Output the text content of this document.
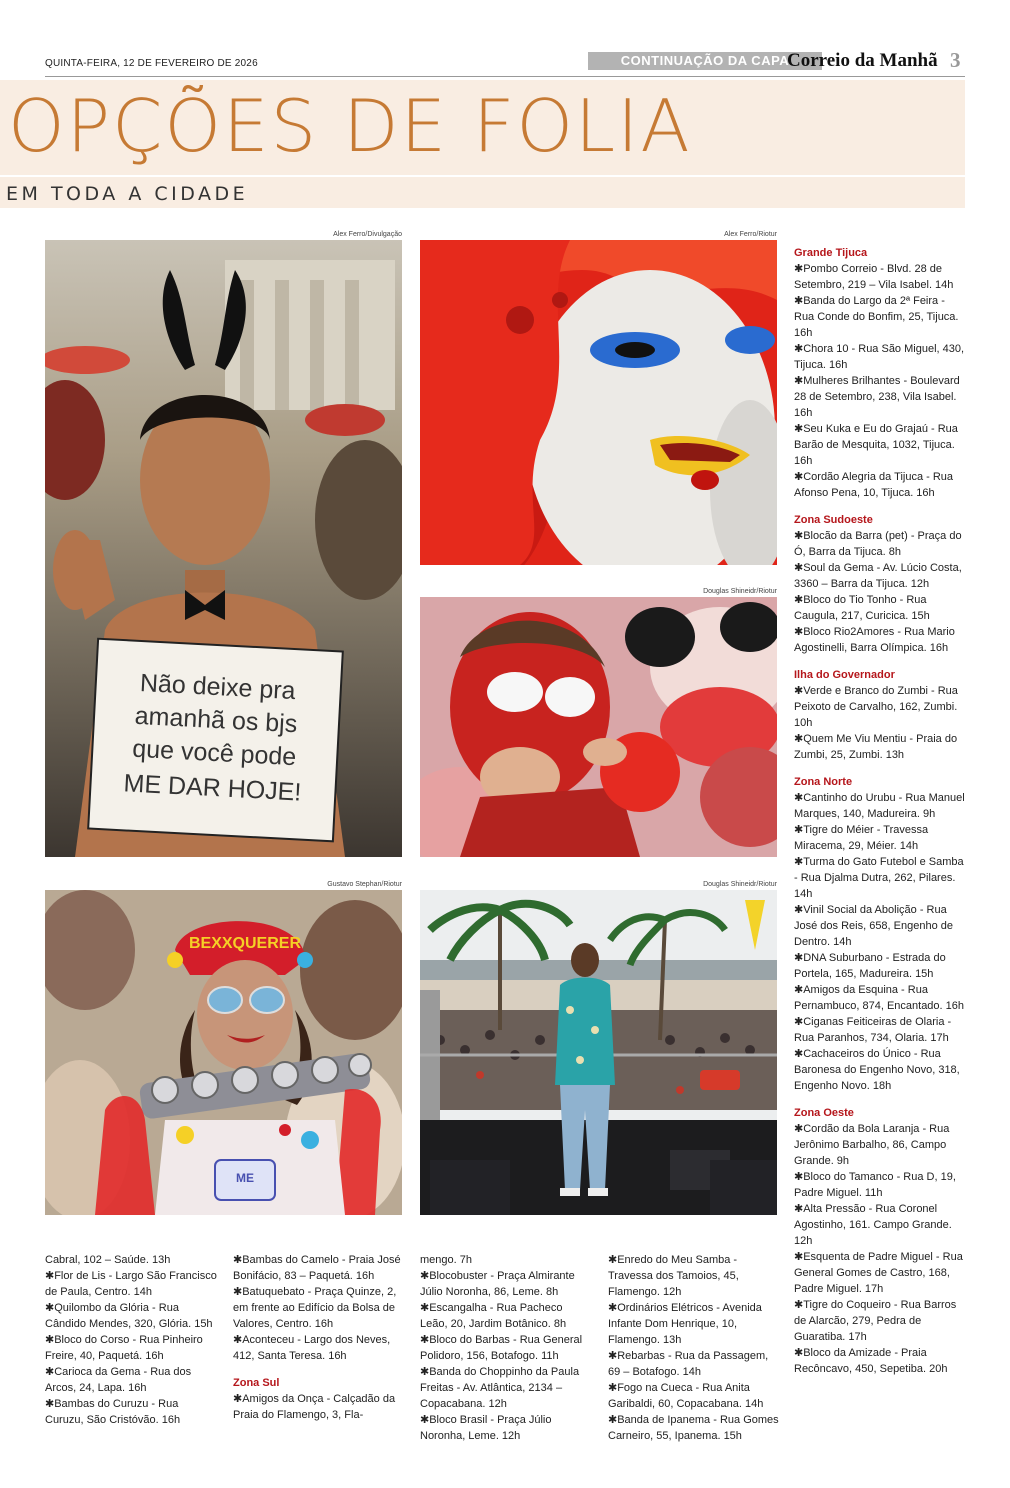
QUINTA-FEIRA, 12 DE FEVEREIRO DE 2026	CONTINUAÇÃO DA CAPA
Correio da Manhã 3
OPÇÕES DE FOLIA
EM TODA A CIDADE
Alex Ferro/Divulgação
Não deixe pra
amanhã os bjs
que você pode
ME DAR HOJE!
Alex Ferro/Riotur
Douglas Shineidr/Riotur
Gustavo Stephan/Riotur
BEXXQUERER
ME
Douglas Shineidr/Riotur
Grande Tijuca
✱Pombo Correio - Blvd. 28 de Setembro, 219 – Vila Isabel. 14h
✱Banda do Largo da 2ª Feira - Rua Conde do Bonfim, 25, Tijuca. 16h
✱Chora 10 - Rua São Miguel, 430, Tijuca. 16h
✱Mulheres Brilhantes - Boulevard 28 de Setembro, 238, Vila Isabel. 16h
✱Seu Kuka e Eu do Grajaú - Rua Barão de Mesquita, 1032, Tijuca. 16h
✱Cordão Alegria da Tijuca - Rua Afonso Pena, 10, Tijuca. 16h
Zona Sudoeste
✱Blocão da Barra (pet) - Praça do Ó, Barra da Tijuca. 8h
✱Soul da Gema - Av. Lúcio Costa, 3360 – Barra da Tijuca. 12h
✱Bloco do Tio Tonho - Rua Caugula, 217, Curicica. 15h
✱Bloco Rio2Amores - Rua Mario Agostinelli, Barra Olímpica. 16h
Ilha do Governador
✱Verde e Branco do Zumbi - Rua Peixoto de Carvalho, 162, Zumbi. 10h
✱Quem Me Viu Mentiu - Praia do Zumbi, 25, Zumbi. 13h
Zona Norte
✱Cantinho do Urubu - Rua Manuel Marques, 140, Madureira. 9h
✱Tigre do Méier - Travessa Miracema, 29, Méier. 14h
✱Turma do Gato Futebol e Samba - Rua Djalma Dutra, 262, Pilares. 14h
✱Vinil Social da Abolição - Rua José dos Reis, 658, Engenho de Dentro. 14h
✱DNA Suburbano - Estrada do Portela, 165, Madureira. 15h
✱Amigos da Esquina - Rua Pernambuco, 874, Encantado. 16h
✱Ciganas Feiticeiras de Olaria - Rua Paranhos, 734, Olaria. 17h
✱Cachaceiros do Único - Rua Baronesa do Engenho Novo, 318, Engenho Novo. 18h
Zona Oeste
✱Cordão da Bola Laranja - Rua Jerônimo Barbalho, 86, Campo Grande. 9h
✱Bloco do Tamanco - Rua D, 19, Padre Miguel. 11h
✱Alta Pressão - Rua Coronel Agostinho, 161. Campo Grande. 12h
✱Esquenta de Padre Miguel - Rua General Gomes de Castro, 168, Padre Miguel. 17h
✱Tigre do Coqueiro - Rua Barros de Alarcão, 279, Pedra de Guaratiba. 17h
✱Bloco da Amizade - Praia Recôncavo, 450, Sepetiba. 20h
Cabral, 102 – Saúde. 13h
✱Flor de Lis - Largo São Francisco de Paula, Centro. 14h
✱Quilombo da Glória - Rua Cândido Mendes, 320, Glória. 15h
✱Bloco do Corso - Rua Pinheiro Freire, 40, Paquetá. 16h
✱Carioca da Gema - Rua dos Arcos, 24, Lapa. 16h
✱Bambas do Curuzu - Rua Curuzu, São Cristóvão. 16h
✱Bambas do Camelo - Praia José Bonifácio, 83 – Paquetá. 16h
✱Batuquebato - Praça Quinze, 2, em frente ao Edifício da Bolsa de Valores, Centro. 16h
✱Aconteceu - Largo dos Neves, 412, Santa Teresa. 16h
Zona Sul
✱Amigos da Onça - Calçadão da Praia do Flamengo, 3, Fla-
mengo. 7h
✱Blocobuster - Praça Almirante Júlio Noronha, 86, Leme. 8h
✱Escangalha - Rua Pacheco Leão, 20, Jardim Botânico. 8h
✱Bloco do Barbas - Rua General Polidoro, 156, Botafogo. 11h
✱Banda do Choppinho da Paula Freitas - Av. Atlântica, 2134 – Copacabana. 12h
✱Bloco Brasil - Praça Júlio Noronha, Leme. 12h
✱Enredo do Meu Samba - Travessa dos Tamoios, 45, Flamengo. 12h
✱Ordinários Elétricos - Avenida Infante Dom Henrique, 10, Flamengo. 13h
✱Rebarbas - Rua da Passagem, 69 – Botafogo. 14h
✱Fogo na Cueca - Rua Anita Garibaldi, 60, Copacabana. 14h
✱Banda de Ipanema - Rua Gomes Carneiro, 55, Ipanema. 15h
